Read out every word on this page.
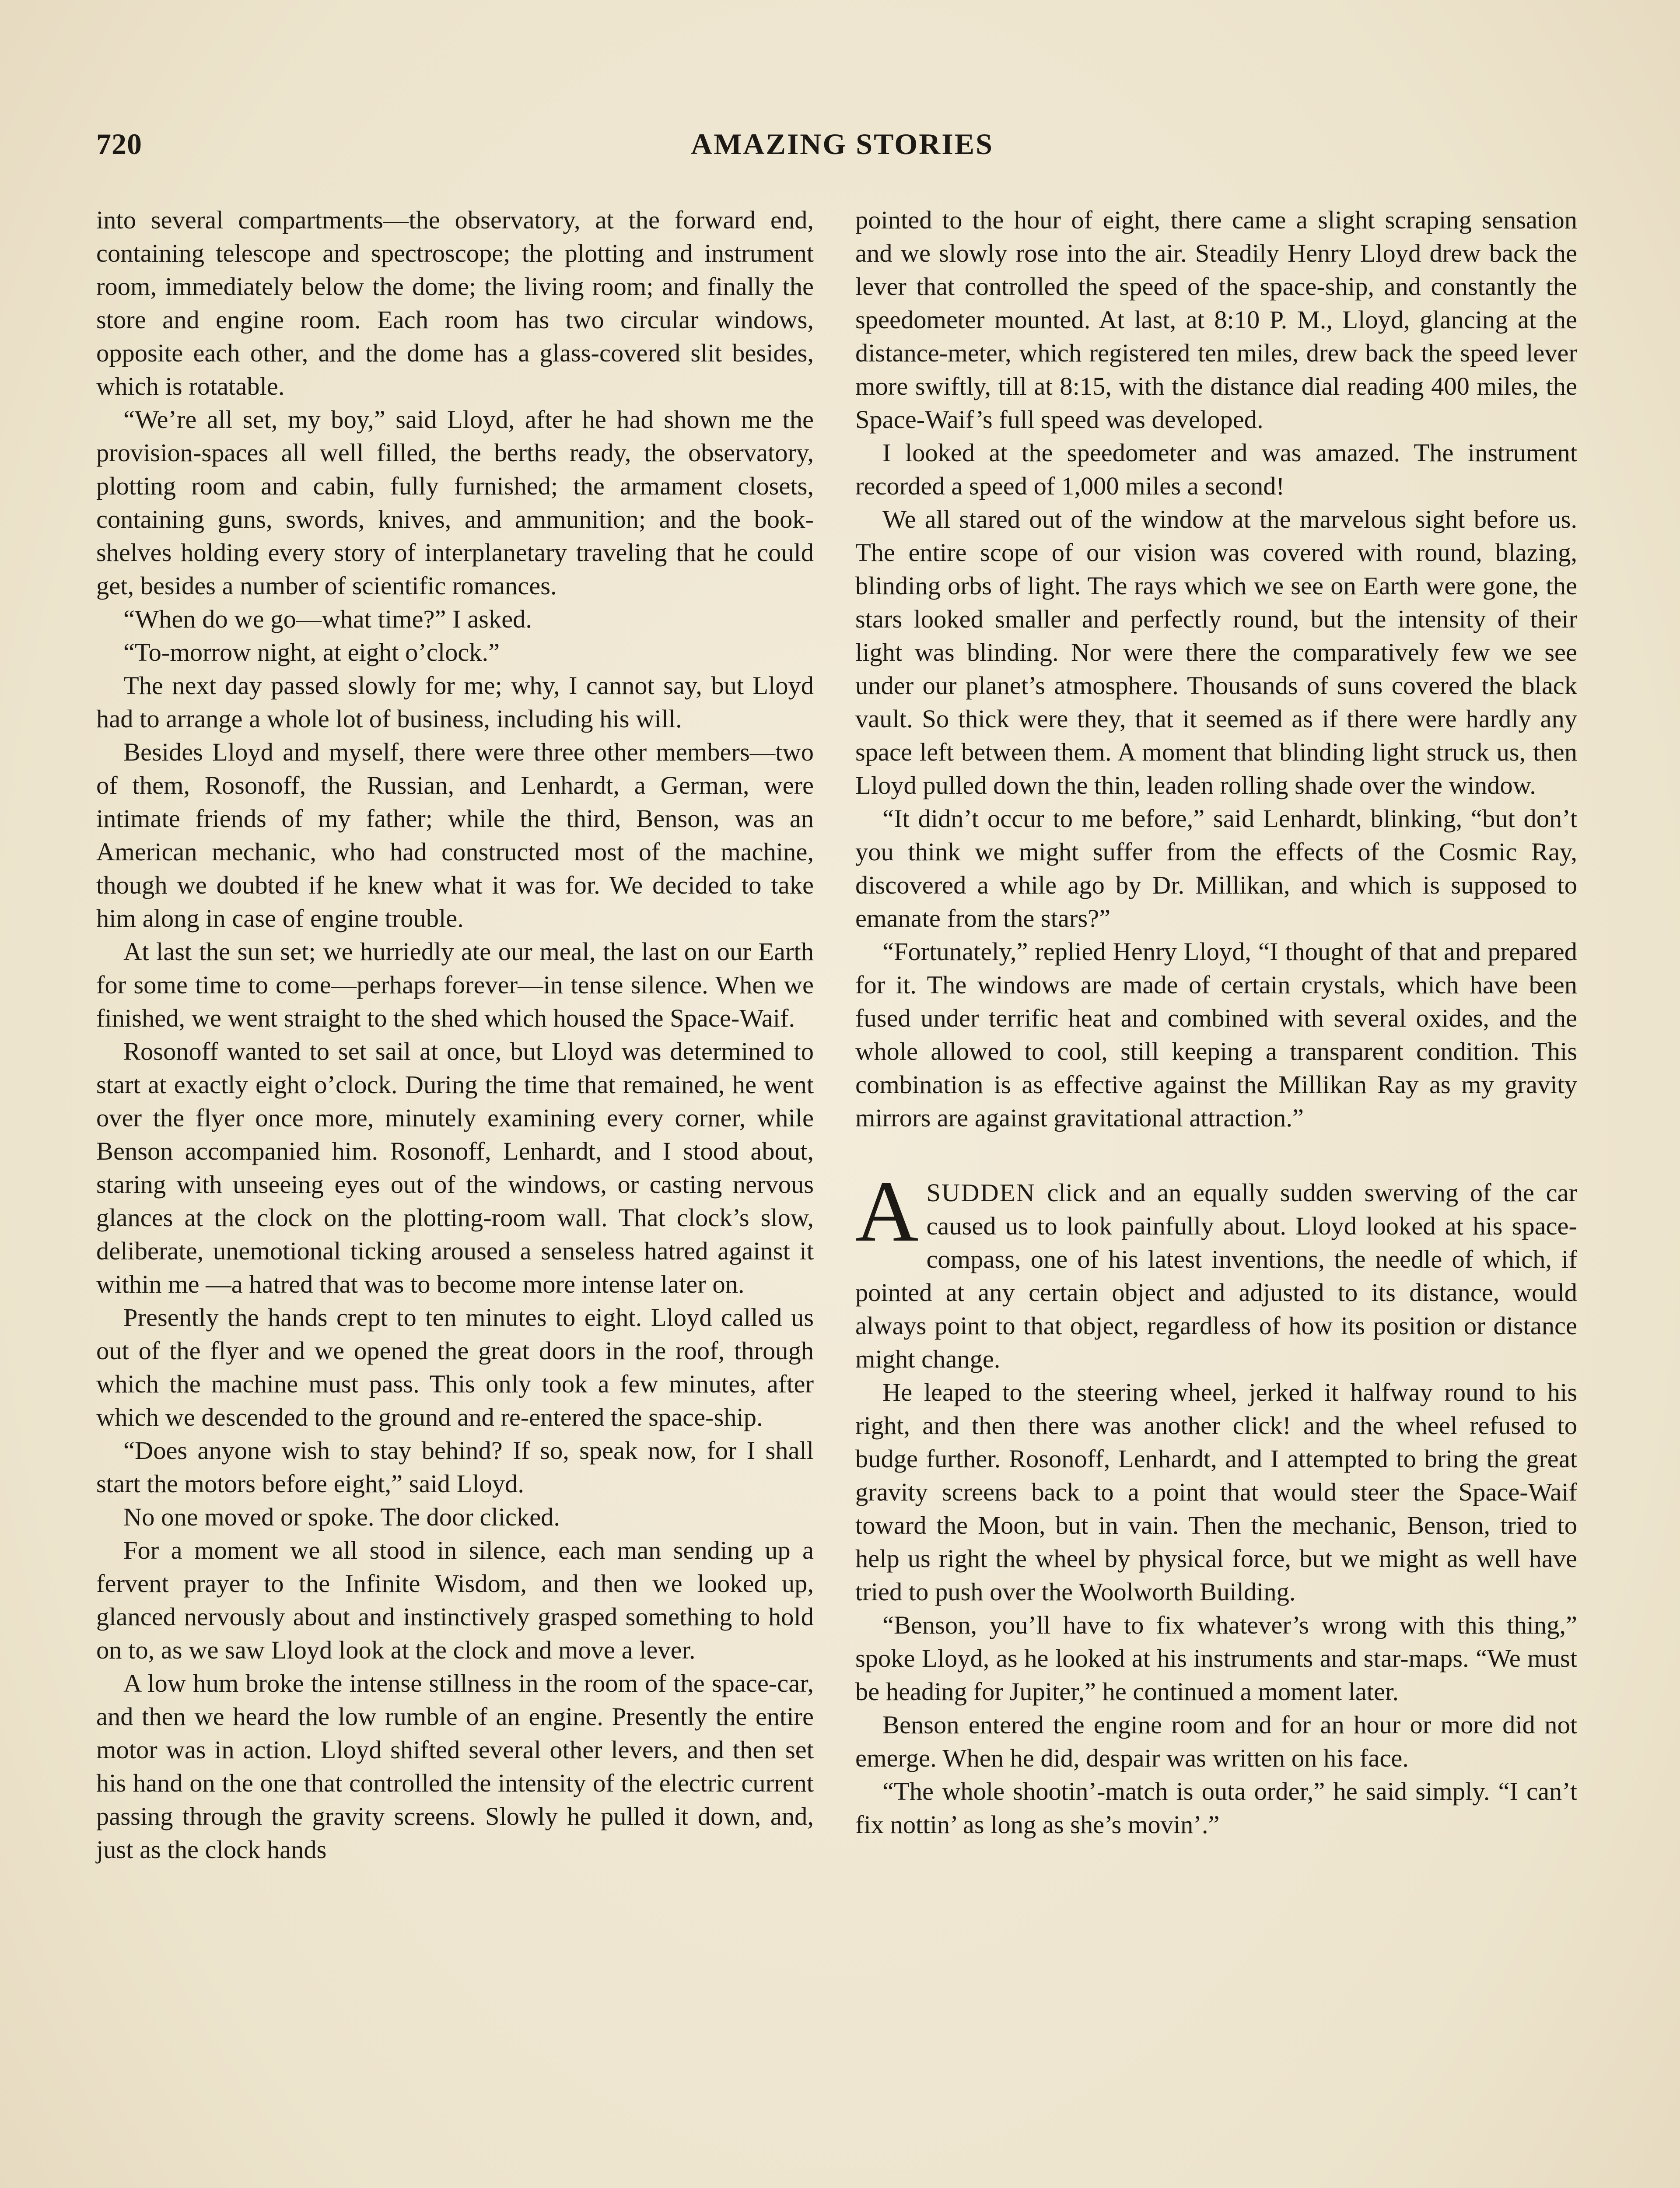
AMAZING STORIES
720

into several compartments—the observatory, at the forward end, containing telescope and spectroscope; the plotting and instrument room, immediately below the dome; the living room; and finally the store and engine room. Each room has two circular windows, opposite each other, and the dome has a glass-covered slit besides, which is rotatable.

“We’re all set, my boy,” said Lloyd, after he had shown me the provision-spaces all well filled, the berths ready, the observatory, plotting room and cabin, fully furnished; the armament closets, containing guns, swords, knives, and ammunition; and the book-shelves holding every story of interplanetary traveling that he could get, besides a number of scientific romances.

“When do we go—what time?” I asked.

“To-morrow night, at eight o’clock.”

The next day passed slowly for me; why, I cannot say, but Lloyd had to arrange a whole lot of business, including his will.

Besides Lloyd and myself, there were three other members—two of them, Rosonoff, the Russian, and Lenhardt, a German, were intimate friends of my father; while the third, Benson, was an American mechanic, who had constructed most of the machine, though we doubted if he knew what it was for. We decided to take him along in case of engine trouble.

At last the sun set; we hurriedly ate our meal, the last on our Earth for some time to come—perhaps forever—in tense silence. When we finished, we went straight to the shed which housed the Space-Waif.

Rosonoff wanted to set sail at once, but Lloyd was determined to start at exactly eight o’clock. During the time that remained, he went over the flyer once more, minutely examining every corner, while Benson accompanied him. Rosonoff, Lenhardt, and I stood about, staring with unseeing eyes out of the windows, or casting nervous glances at the clock on the plotting-room wall. That clock’s slow, deliberate, unemotional ticking aroused a senseless hatred against it within me —a hatred that was to become more intense later on.

Presently the hands crept to ten minutes to eight. Lloyd called us out of the flyer and we opened the great doors in the roof, through which the machine must pass. This only took a few minutes, after which we descended to the ground and re-entered the space-ship.

“Does anyone wish to stay behind? If so, speak now, for I shall start the motors before eight,” said Lloyd.

No one moved or spoke. The door clicked.

For a moment we all stood in silence, each man sending up a fervent prayer to the Infinite Wisdom, and then we looked up, glanced nervously about and instinctively grasped something to hold on to, as we saw Lloyd look at the clock and move a lever.

A low hum broke the intense stillness in the room of the space-car, and then we heard the low rumble of an engine. Presently the entire motor was in action. Lloyd shifted several other levers, and then set his hand on the one that controlled the intensity of the electric current passing through the gravity screens. Slowly he pulled it down, and, just as the clock hands

pointed to the hour of eight, there came a slight scraping sensation and we slowly rose into the air. Steadily Henry Lloyd drew back the lever that controlled the speed of the space-ship, and constantly the speedometer mounted. At last, at 8:10 P. M., Lloyd, glancing at the distance-meter, which registered ten miles, drew back the speed lever more swiftly, till at 8:15, with the distance dial reading 400 miles, the Space-Waif’s full speed was developed.

I looked at the speedometer and was amazed. The instrument recorded a speed of 1,000 miles a second!

We all stared out of the window at the marvelous sight before us. The entire scope of our vision was covered with round, blazing, blinding orbs of light. The rays which we see on Earth were gone, the stars looked smaller and perfectly round, but the intensity of their light was blinding. Nor were there the comparatively few we see under our planet’s atmosphere. Thousands of suns covered the black vault. So thick were they, that it seemed as if there were hardly any space left between them. A moment that blinding light struck us, then Lloyd pulled down the thin, leaden rolling shade over the window.

“It didn’t occur to me before,” said Lenhardt, blinking, “but don’t you think we might suffer from the effects of the Cosmic Ray, discovered a while ago by Dr. Millikan, and which is supposed to emanate from the stars?”

“Fortunately,” replied Henry Lloyd, “I thought of that and prepared for it. The windows are made of certain crystals, which have been fused under terrific heat and combined with several oxides, and the whole allowed to cool, still keeping a transparent condition. This combination is as effective against the Millikan Ray as my gravity mirrors are against gravitational attraction.”

ASUDDEN click and an equally sudden swerving of the car caused us to look painfully about. Lloyd looked at his space-compass, one of his latest inventions, the needle of which, if pointed at any certain object and adjusted to its distance, would always point to that object, regardless of how its position or distance might change.

He leaped to the steering wheel, jerked it halfway round to his right, and then there was another click! and the wheel refused to budge further. Rosonoff, Lenhardt, and I attempted to bring the great gravity screens back to a point that would steer the Space-Waif toward the Moon, but in vain. Then the mechanic, Benson, tried to help us right the wheel by physical force, but we might as well have tried to push over the Woolworth Building.

“Benson, you’ll have to fix whatever’s wrong with this thing,” spoke Lloyd, as he looked at his instruments and star-maps. “We must be heading for Jupiter,” he continued a moment later.

Benson entered the engine room and for an hour or more did not emerge. When he did, despair was written on his face.

“The whole shootin’-match is outa order,” he said simply. “I can’t fix nottin’ as long as she’s movin’.”
